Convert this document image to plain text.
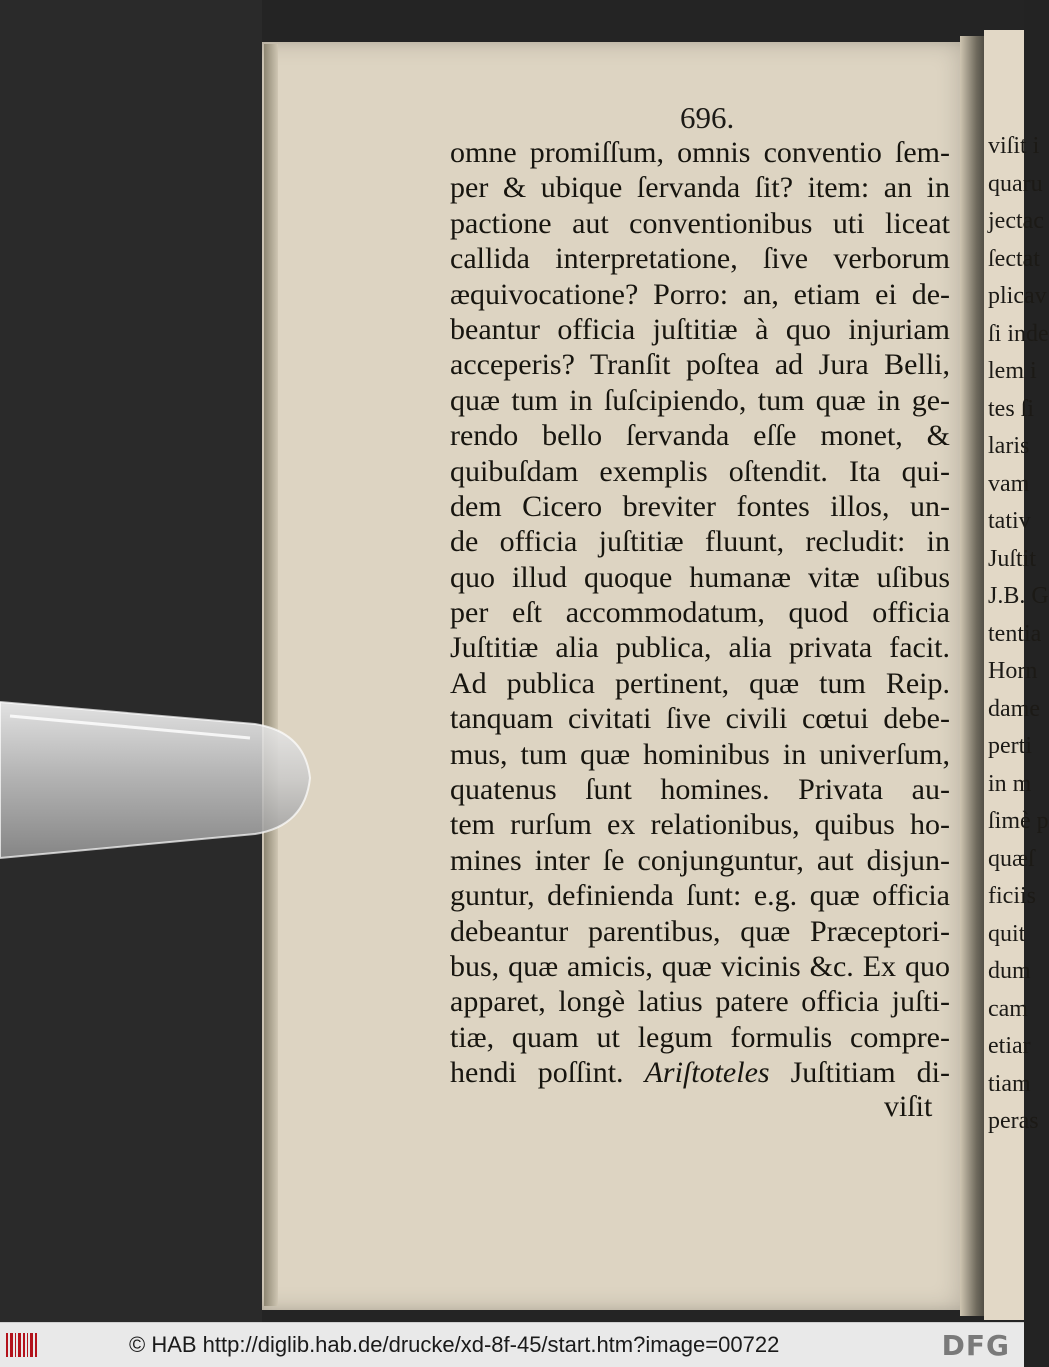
696.
omne promiſſum, omnis conventio ſem-
per & ubique ſervanda ſit? item: an in
pactione aut conventionibus uti liceat
callida interpretatione, ſive verborum
æquivocatione? Porro: an, etiam ei de-
beantur officia juſtitiæ à quo injuriam
acceperis? Tranſit poſtea ad Jura Belli,
quæ tum in ſuſcipiendo, tum quæ in ge-
rendo bello ſervanda eſſe monet, &
quibuſdam exemplis oſtendit. Ita qui-
dem Cicero breviter fontes illos, un-
de officia juſtitiæ fluunt, recludit: in
quo illud quoque humanæ vitæ uſibus
per eſt accommodatum, quod officia
Juſtitiæ alia publica, alia privata facit.
Ad publica pertinent, quæ tum Reip.
tanquam civitati ſive civili cœtui debe-
mus, tum quæ hominibus in univerſum,
quatenus ſunt homines. Privata au-
tem rurſum ex relationibus, quibus ho-
mines inter ſe conjunguntur, aut disjun-
guntur, definienda ſunt: e.g. quæ officia
debeantur parentibus, quæ Præceptori-
bus, quæ amicis, quæ vicinis &c. Ex quo
apparet, longè latius patere officia juſti-
tiæ, quam ut legum formulis compre-
hendi poſſint. Ariſtoteles Juſtitiam di-
viſit
viſit i
quaru
jectac
ſectat
plicav
ſi inde
lem i
tes ſi
laris
vam
tativ
Juſtit
J.B. G
tentia
Horn
dame
perti
in m
ſimè p
quæſ
ficiis
quit
dum
cam
etiar
tiam
peras
© HAB http://diglib.hab.de/drucke/xd-8f-45/start.htm?image=00722	DFG
